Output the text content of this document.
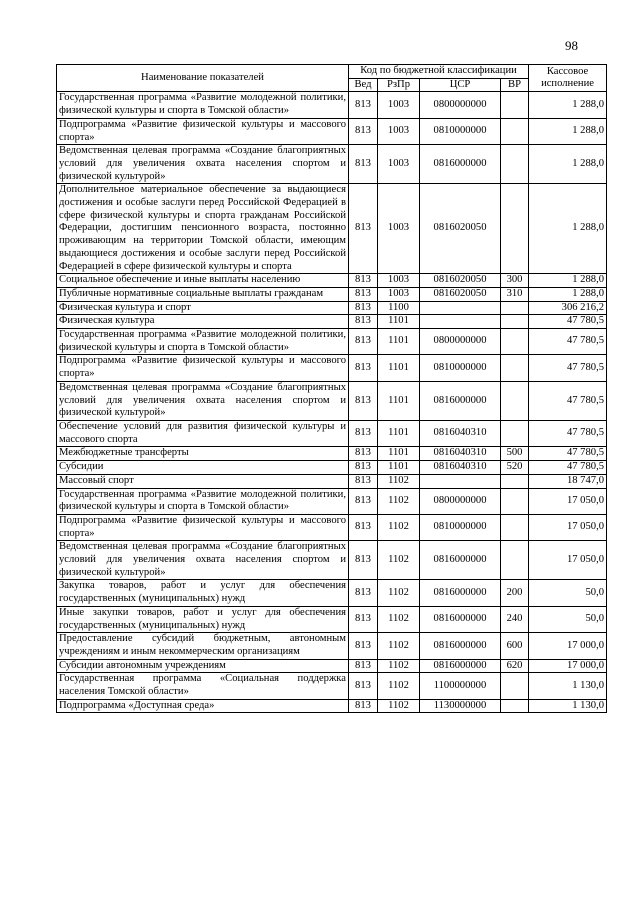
98
Наименование показателей	Код по бюджетной классификации				Кассовое исполнение
	Вед	РзПр	ЦСР	ВР	
Государственная программа «Развитие молодежной политики, физической культуры и спорта в Томской области»	813	1003	0800000000		1 288,0
Подпрограмма «Развитие физической культуры и массового спорта»	813	1003	0810000000		1 288,0
Ведомственная целевая программа «Создание благоприятных условий для увеличения охвата населения спортом и физической культурой»	813	1003	0816000000		1 288,0
Дополнительное материальное обеспечение за выдающиеся достижения и особые заслуги перед Российской Федерацией в сфере физической культуры и спорта гражданам Российской Федерации, достигшим пенсионного возраста, постоянно проживающим на территории Томской области, имеющим выдающиеся достижения и особые заслуги перед Российской Федерацией в сфере физической культуры и спорта	813	1003	0816020050		1 288,0
Социальное обеспечение и иные выплаты населению	813	1003	0816020050	300	1 288,0
Публичные нормативные социальные выплаты гражданам	813	1003	0816020050	310	1 288,0
Физическая культура и спорт	813	1100			306 216,2
Физическая культура	813	1101			47 780,5
Государственная программа «Развитие молодежной политики, физической культуры и спорта в Томской области»	813	1101	0800000000		47 780,5
Подпрограмма «Развитие физической культуры и массового спорта»	813	1101	0810000000		47 780,5
Ведомственная целевая программа «Создание благоприятных условий для увеличения охвата населения спортом и физической культурой»	813	1101	0816000000		47 780,5
Обеспечение условий для развития физической культуры и массового спорта	813	1101	0816040310		47 780,5
Межбюджетные трансферты	813	1101	0816040310	500	47 780,5
Субсидии	813	1101	0816040310	520	47 780,5
Массовый спорт	813	1102			18 747,0
Государственная программа «Развитие молодежной политики, физической культуры и спорта в Томской области»	813	1102	0800000000		17 050,0
Подпрограмма «Развитие физической культуры и массового спорта»	813	1102	0810000000		17 050,0
Ведомственная целевая программа «Создание благоприятных условий для увеличения охвата населения спортом и физической культурой»	813	1102	0816000000		17 050,0
Закупка товаров, работ и услуг для обеспечения государственных (муниципальных) нужд	813	1102	0816000000	200	50,0
Иные закупки товаров, работ и услуг для обеспечения государственных (муниципальных) нужд	813	1102	0816000000	240	50,0
Предоставление субсидий бюджетным, автономным учреждениям и иным некоммерческим организациям	813	1102	0816000000	600	17 000,0
Субсидии автономным учреждениям	813	1102	0816000000	620	17 000,0
Государственная программа «Социальная поддержка населения Томской области»	813	1102	1100000000		1 130,0
Подпрограмма «Доступная среда»	813	1102	1130000000		1 130,0
